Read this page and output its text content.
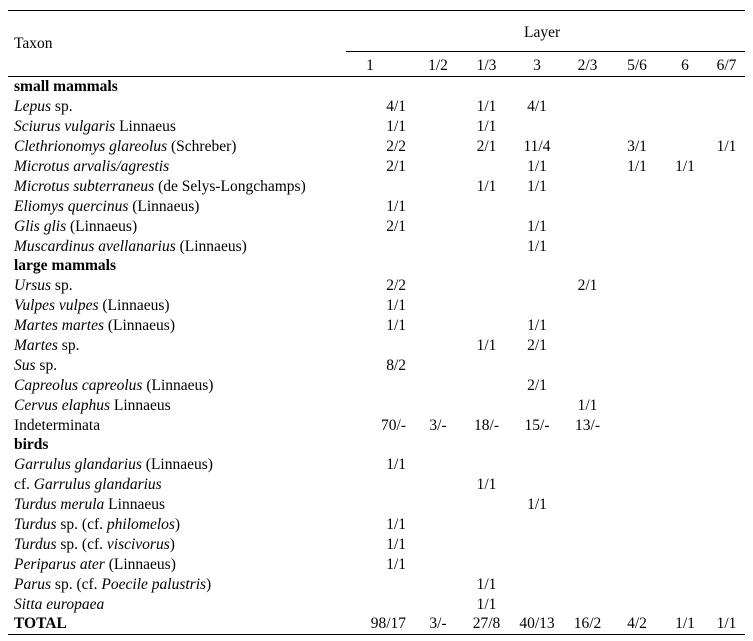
Taxon
Layer
small mammals								
Lepus sp.	4/1		1/1	4/1				
Sciurus vulgaris Linnaeus	1/1		1/1					
Clethrionomys glareolus (Schreber)	2/2		2/1	11/4		3/1		1/1
Microtus arvalis/agrestis	2/1			1/1		1/1	1/1	
Microtus subterraneus (de Selys-Longchamps)			1/1	1/1				
Eliomys quercinus (Linnaeus)	1/1							
Glis glis (Linnaeus)	2/1			1/1				
Muscardinus avellanarius (Linnaeus)				1/1				
large mammals								
Ursus sp.	2/2				2/1			
Vulpes vulpes (Linnaeus)	1/1							
Martes martes (Linnaeus)	1/1			1/1				
Martes sp.			1/1	2/1				
Sus sp.	8/2							
Capreolus capreolus (Linnaeus)				2/1				
Cervus elaphus Linnaeus					1/1			
Indeterminata	70/-	3/-	18/-	15/-	13/-			
birds								
Garrulus glandarius (Linnaeus)	1/1							
cf. Garrulus glandarius			1/1					
Turdus merula Linnaeus				1/1				
Turdus sp. (cf. philomelos)	1/1							
Turdus sp. (cf. viscivorus)	1/1							
Periparus ater (Linnaeus)	1/1							
Parus sp. (cf. Poecile palustris)			1/1					
Sitta europaea			1/1					
TOTAL	98/17	3/-	27/8	40/13	16/2	4/2	1/1	1/1
1	1/2	1/3	3	2/3	5/6	6	6/7
